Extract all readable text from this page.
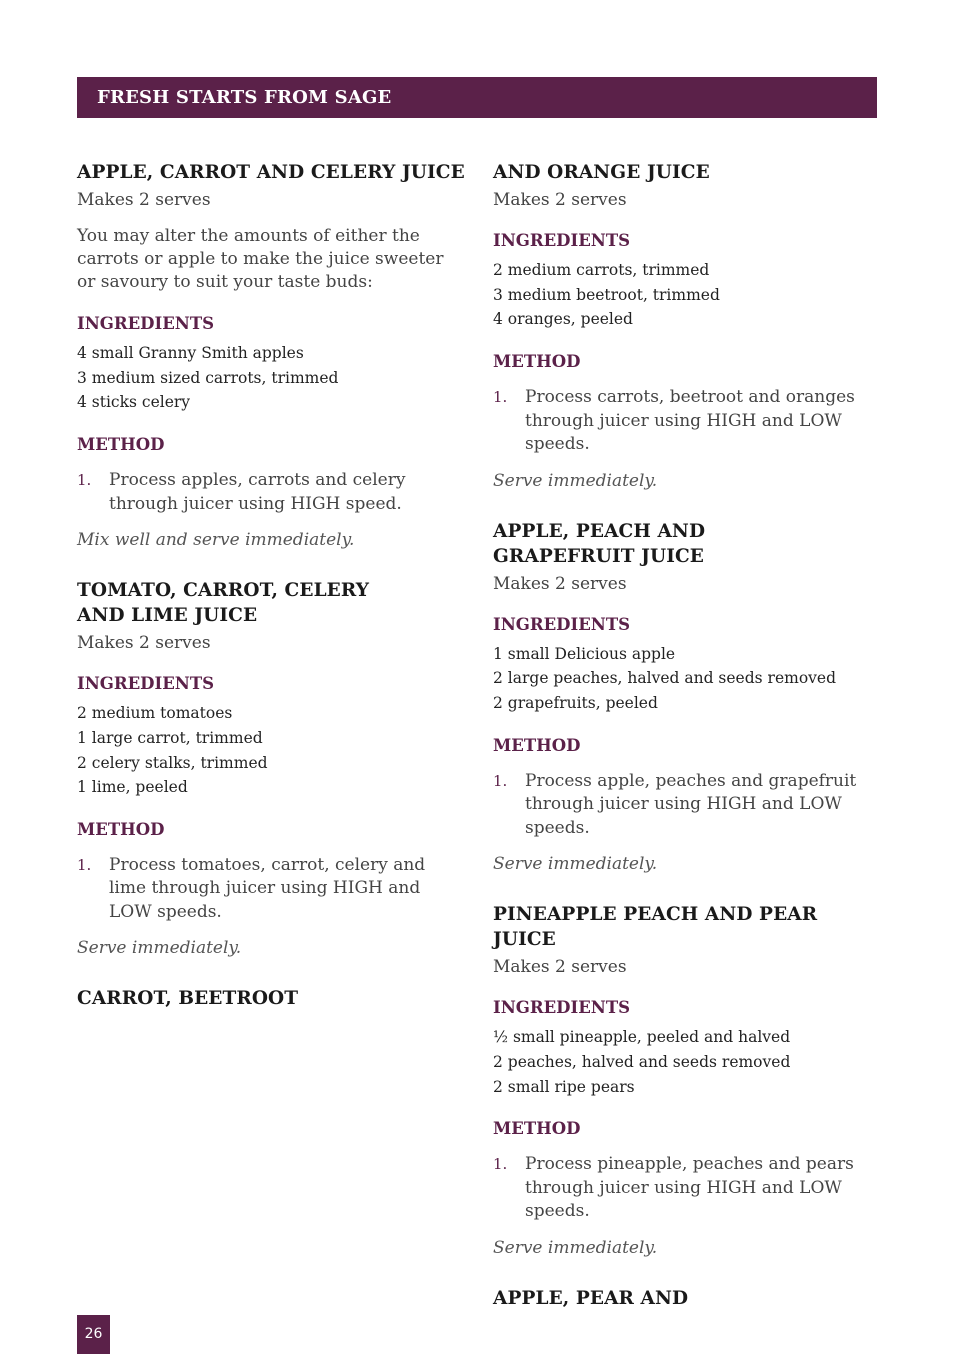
FRESH STARTS FROM SAGE
APPLE, CARROT AND CELERY JUICE

Makes 2 serves

You may alter the amounts of either the carrots or apple to make the juice sweeter or savoury to suit your taste buds:

INGREDIENTS
4 small Granny Smith apples
3 medium sized carrots, trimmed
4 sticks celery
METHOD
1. Process apples, carrots and celery through juicer using HIGH speed.

Mix well and serve immediately.

TOMATO, CARROT, CELERY
AND LIME JUICE

Makes 2 serves

INGREDIENTS
2 medium tomatoes
1 large carrot, trimmed
2 celery stalks, trimmed
1 lime, peeled
METHOD
1. Process tomatoes, carrot, celery and lime through juicer using HIGH and LOW speeds.

Serve immediately.

CARROT, BEETROOT
AND ORANGE JUICE

Makes 2 serves

INGREDIENTS
2 medium carrots, trimmed
3 medium beetroot, trimmed
4 oranges, peeled
METHOD
1. Process carrots, beetroot and oranges through juicer using HIGH and LOW speeds.

Serve immediately.

APPLE, PEACH AND
GRAPEFRUIT JUICE

Makes 2 serves

INGREDIENTS
1 small Delicious apple
2 large peaches, halved and seeds removed
2 grapefruits, peeled
METHOD
1. Process apple, peaches and grapefruit through juicer using HIGH and LOW speeds.

Serve immediately.

PINEAPPLE PEACH AND PEAR JUICE

Makes 2 serves

INGREDIENTS
½ small pineapple, peeled and halved
2 peaches, halved and seeds removed
2 small ripe pears
METHOD
1. Process pineapple, peaches and pears through juicer using HIGH and LOW speeds.

Serve immediately.

APPLE, PEAR AND
26
